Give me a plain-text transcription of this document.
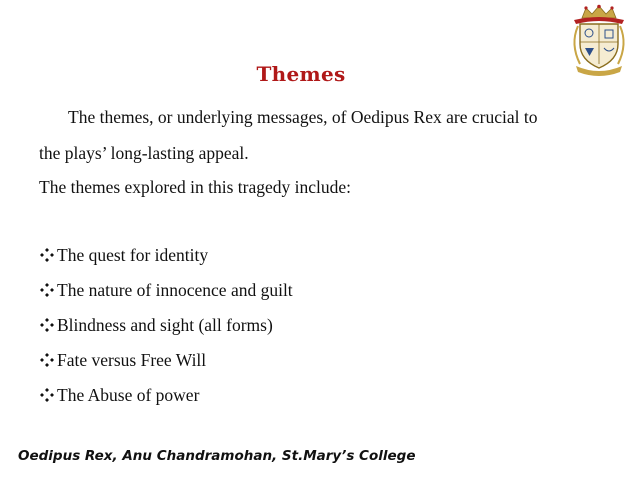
Themes
The themes, or underlying messages, of Oedipus Rex are crucial to
the plays’ long-lasting appeal.
The themes explored in this tragedy include:
The quest for identity
The nature of innocence and guilt
Blindness and sight (all forms)
Fate versus Free Will
The Abuse of power
Oedipus Rex, Anu Chandramohan, St.Mary’s College
